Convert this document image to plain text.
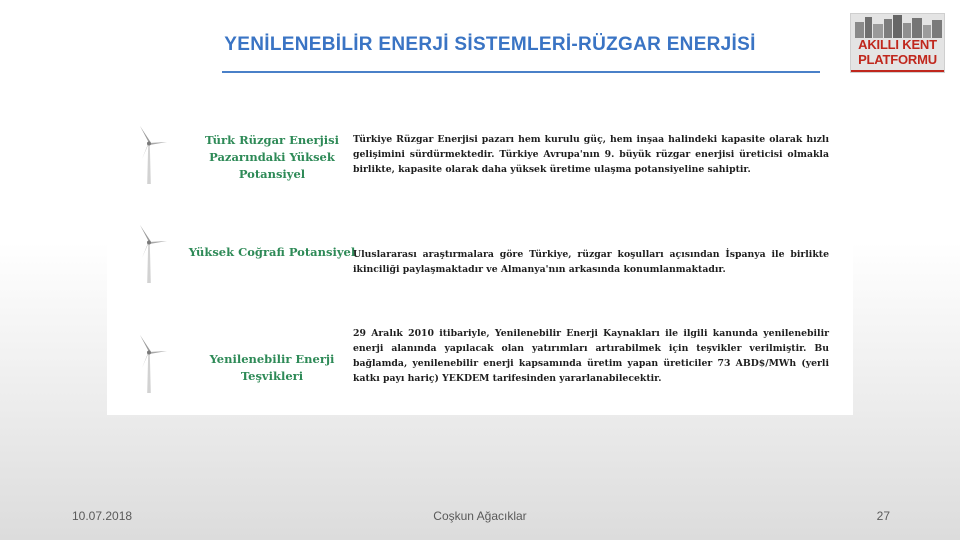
YENİLENEBİLİR ENERJİ SİSTEMLERİ-RÜZGAR ENERJİSİ	AKILLI KENT
PLATFORMU
Türk Rüzgar Enerjisi Pazarındaki Yüksek Potansiyel
Türkiye Rüzgar Enerjisi pazarı hem kurulu güç, hem inşaa halindeki kapasite olarak hızlı gelişimini sürdürmektedir. Türkiye Avrupa'nın 9. büyük rüzgar enerjisi üreticisi olmakla birlikte, kapasite olarak daha yüksek üretime ulaşma potansiyeline sahiptir.
Yüksek Coğrafi Potansiyel
Uluslararası araştırmalara göre Türkiye, rüzgar koşulları açısından İspanya ile birlikte ikinciliği paylaşmaktadır ve Almanya'nın arkasında konumlanmaktadır.
Yenilenebilir Enerji Teşvikleri
29 Aralık 2010 itibariyle, Yenilenebilir Enerji Kaynakları ile ilgili kanunda yenilenebilir enerji alanında yapılacak olan yatırımları artırabilmek için teşvikler verilmiştir. Bu bağlamda, yenilenebilir enerji kapsamında üretim yapan üreticiler 73 ABD$/MWh (yerli katkı payı hariç) YEKDEM tarifesinden yararlanabilecektir.
10.07.2018	Coşkun Ağacıklar	27
